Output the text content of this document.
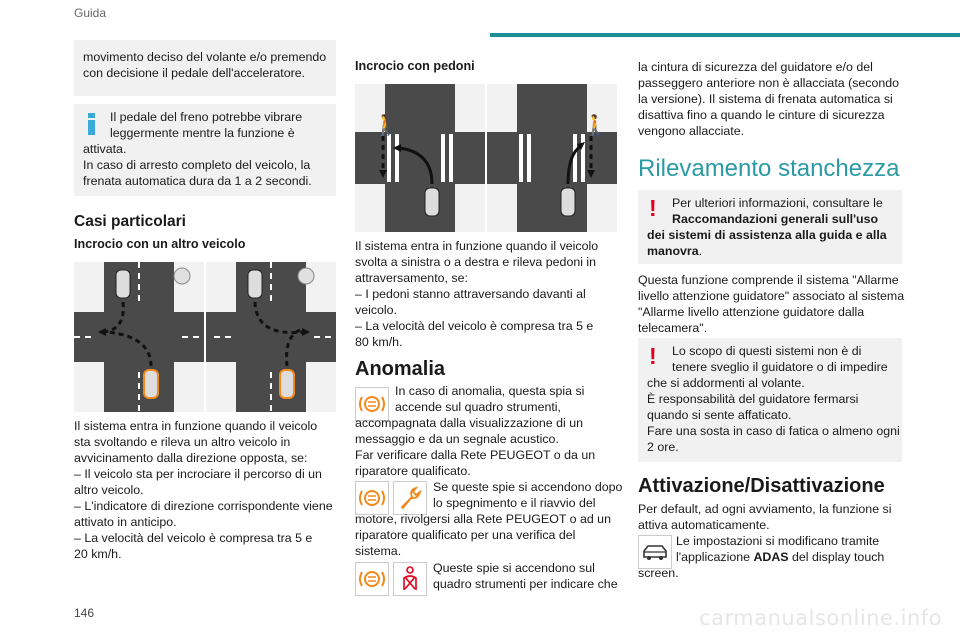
Guida
movimento deciso del volante e/o premendo
con decisione il pedale dell'acceleratore.
Il pedale del freno potrebbe vibrare
leggermente mentre la funzione è
attivata.
In caso di arresto completo del veicolo, la
frenata automatica dura da 1 a 2 secondi.
Casi particolari
Incrocio con un altro veicolo
Il sistema entra in funzione quando il veicolo
sta svoltando e rileva un altro veicolo in
avvicinamento dalla direzione opposta, se:
– Il veicolo sta per incrociare il percorso di un
altro veicolo.
– L'indicatore di direzione corrispondente viene
attivato in anticipo.
– La velocità del veicolo è compresa tra 5 e
20 km/h.
Incrocio con pedoni
🚶	🚶
Il sistema entra in funzione quando il veicolo
svolta a sinistra o a destra e rileva pedoni in
attraversamento, se:
– I pedoni stanno attraversando davanti al
veicolo.
– La velocità del veicolo è compresa tra 5 e
80 km/h.
Anomalia
In caso di anomalia, questa spia si
accende sul quadro strumenti,
accompagnata dalla visualizzazione di un
messaggio e da un segnale acustico.
Far verificare dalla Rete PEUGEOT o da un
riparatore qualificato.
Se queste spie si accendono dopo
lo spegnimento e il riavvio del
motore, rivolgersi alla Rete PEUGEOT o ad un
riparatore qualificato per una verifica del
sistema.
Queste spie si accendono sul
quadro strumenti per indicare che
la cintura di sicurezza del guidatore e/o del
passeggero anteriore non è allacciata (secondo
la versione). Il sistema di frenata automatica si
disattiva fino a quando le cinture di sicurezza
vengono allacciate.
Rilevamento stanchezza
! Per ulteriori informazioni, consultare le
Raccomandazioni generali sull'uso
dei sistemi di assistenza alla guida e alla
manovra.
Questa funzione comprende il sistema "Allarme
livello attenzione guidatore" associato al sistema
"Allarme livello attenzione guidatore dalla
telecamera".
! Lo scopo di questi sistemi non è di
tenere sveglio il guidatore o di impedire
che si addormenti al volante.
È responsabilità del guidatore fermarsi
quando si sente affaticato.
Fare una sosta in caso di fatica o almeno ogni
2 ore.
Attivazione/Disattivazione
Per default, ad ogni avviamento, la funzione si
attiva automaticamente.
Le impostazioni si modificano tramite
l'applicazione ADAS del display touch
screen.
146	carmanualsonline.info
